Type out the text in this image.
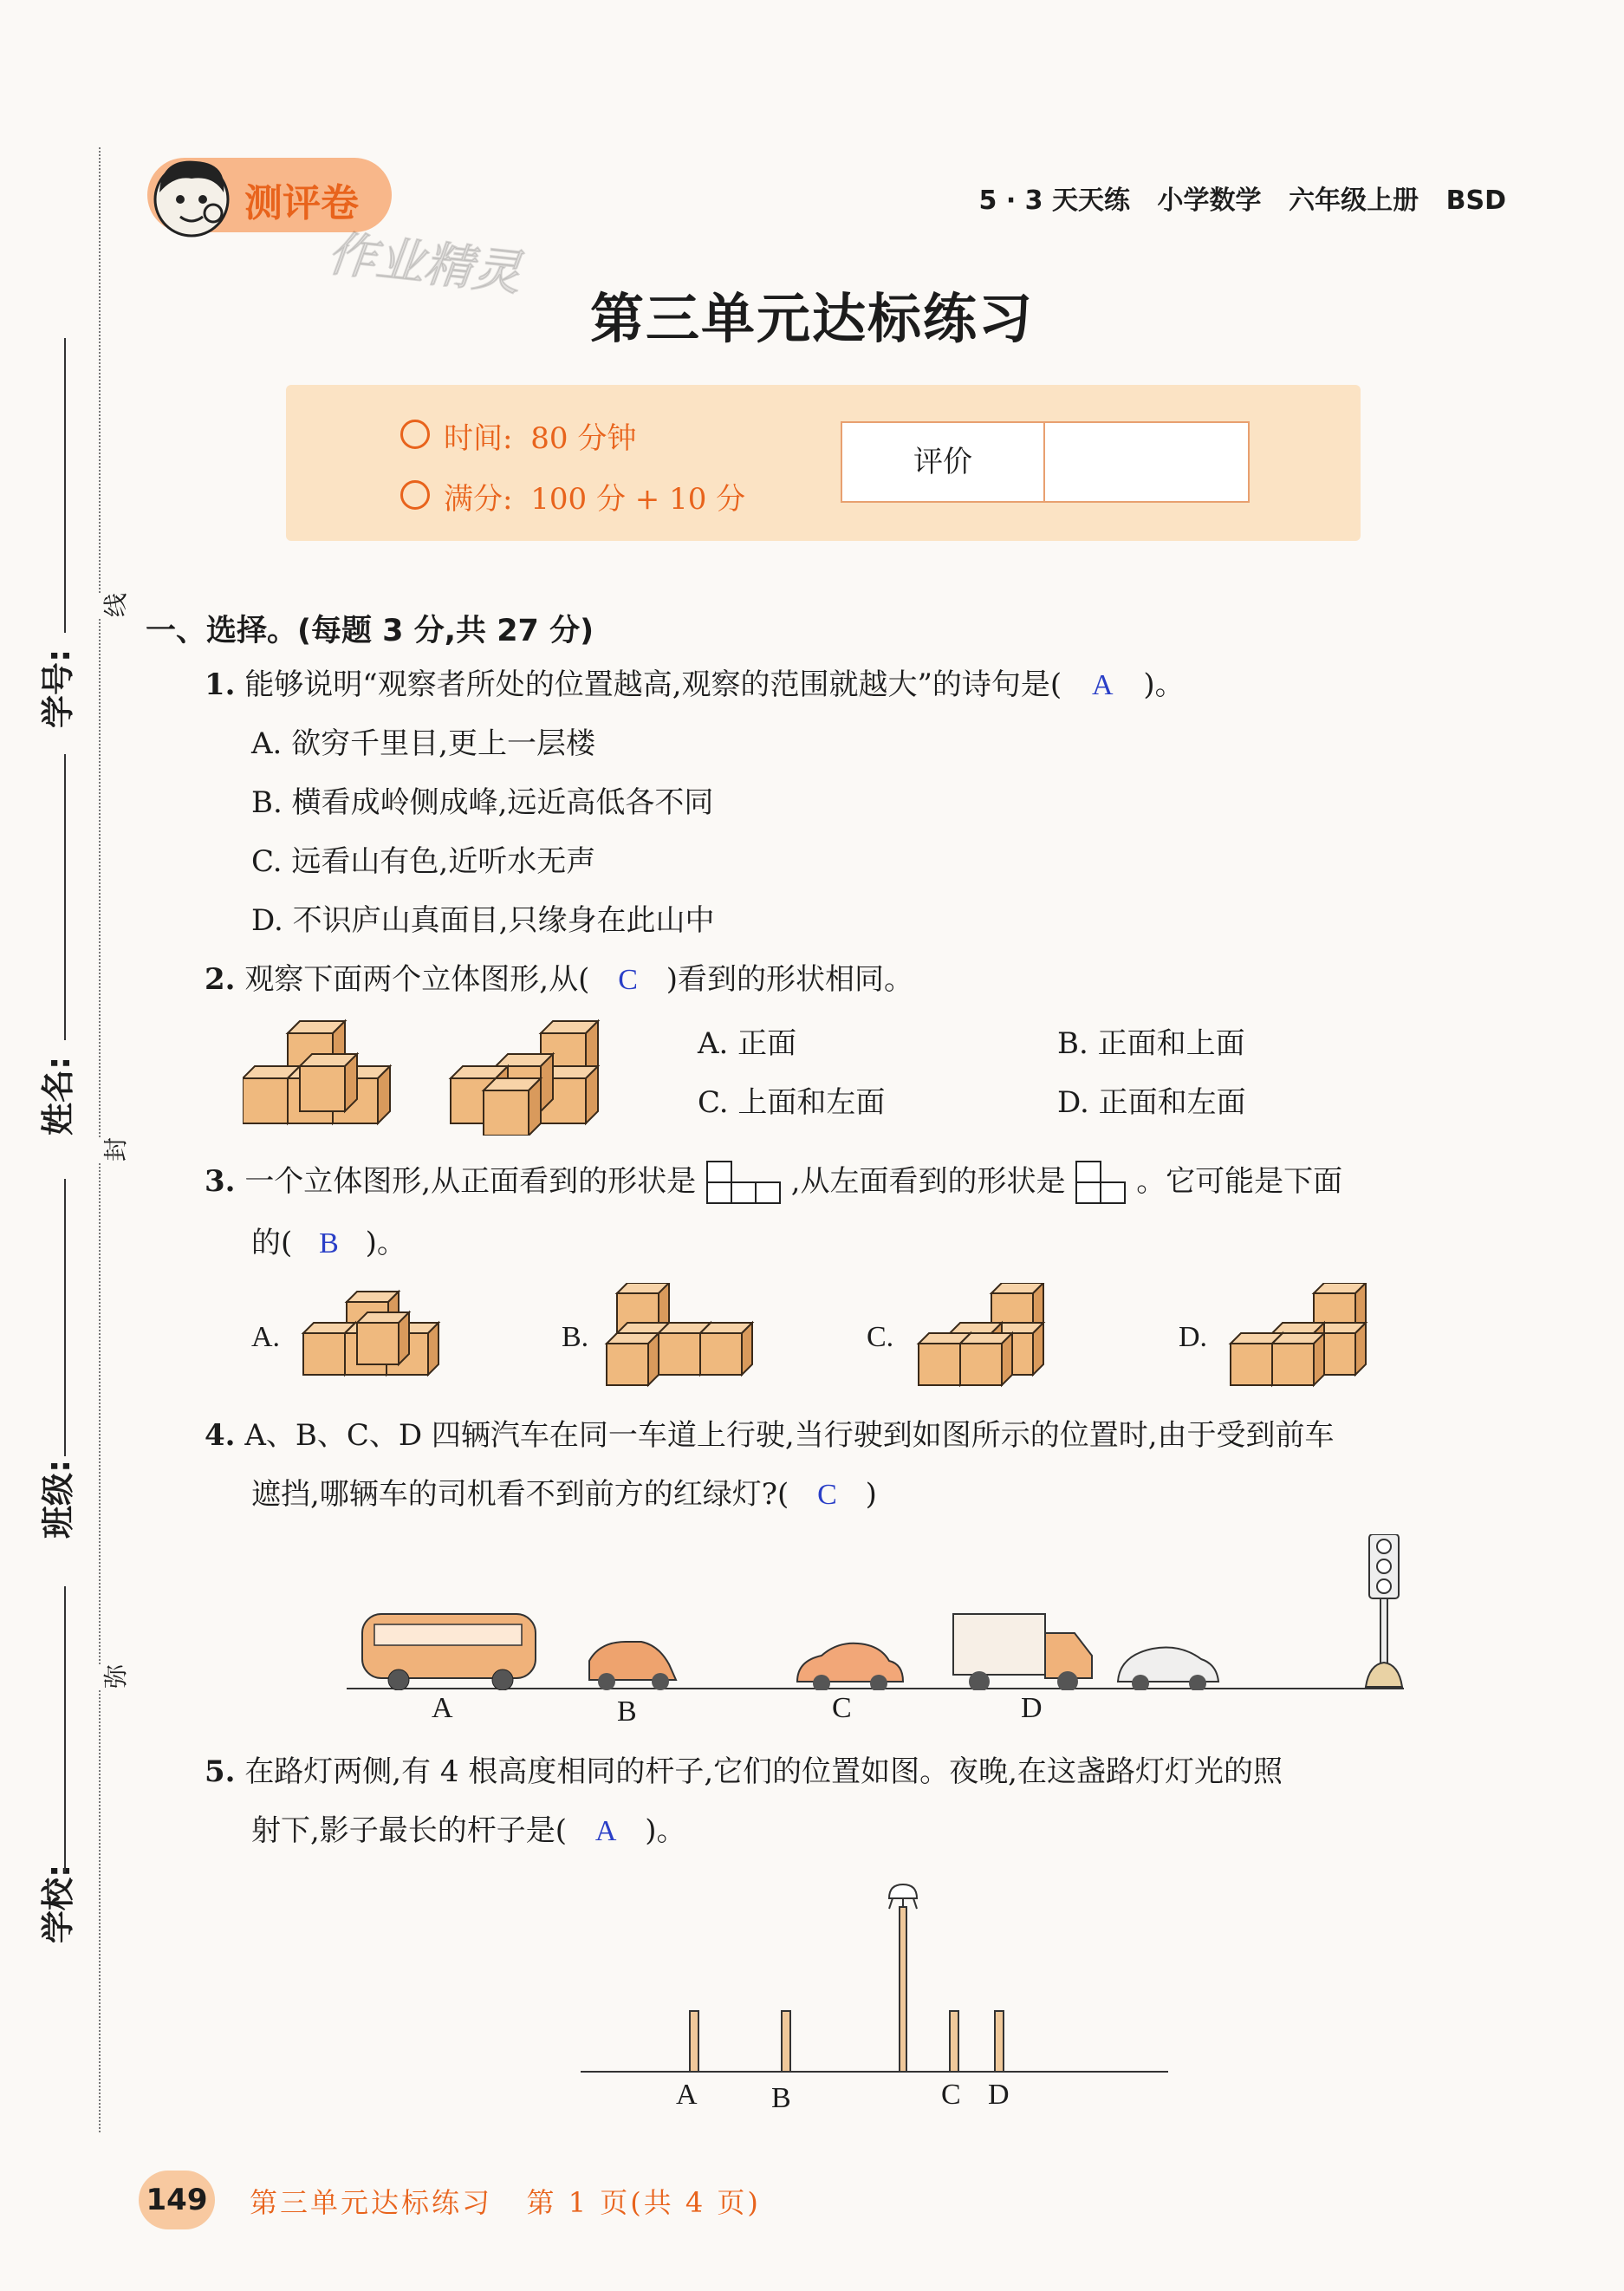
学校:
班级:
姓名:
学号:
线
封
弥
测评卷	5 · 3 天天练 小学数学 六年级上册 BSD
作业精灵
第三单元达标练习
时间: 80 分钟
满分: 100 分 + 10 分
评价
一、选择。(每题 3 分,共 27 分)
1. 能够说明“观察者所处的位置越高,观察的范围就越大”的诗句是( A )。
A. 欲穷千里目,更上一层楼
B. 横看成岭侧成峰,远近高低各不同
C. 远看山有色,近听水无声
D. 不识庐山真面目,只缘身在此山中
2. 观察下面两个立体图形,从( C )看到的形状相同。
A. 正面	B. 正面和上面
C. 上面和左面	D. 正面和左面
3. 一个立体图形,从正面看到的形状是	,从左面看到的形状是 。它可能是下面
的( B )。
A.	B.	C.	D.
4. A、B、C、D 四辆汽车在同一车道上行驶,当行驶到如图所示的位置时,由于受到前车
遮挡,哪辆车的司机看不到前方的红绿灯?( C )
A	B	C	D
5. 在路灯两侧,有 4 根高度相同的杆子,它们的位置如图。夜晚,在这盏路灯灯光的照
射下,影子最长的杆子是( A )。
A	B	C D
149 第三单元达标练习   第 1 页(共 4 页)
